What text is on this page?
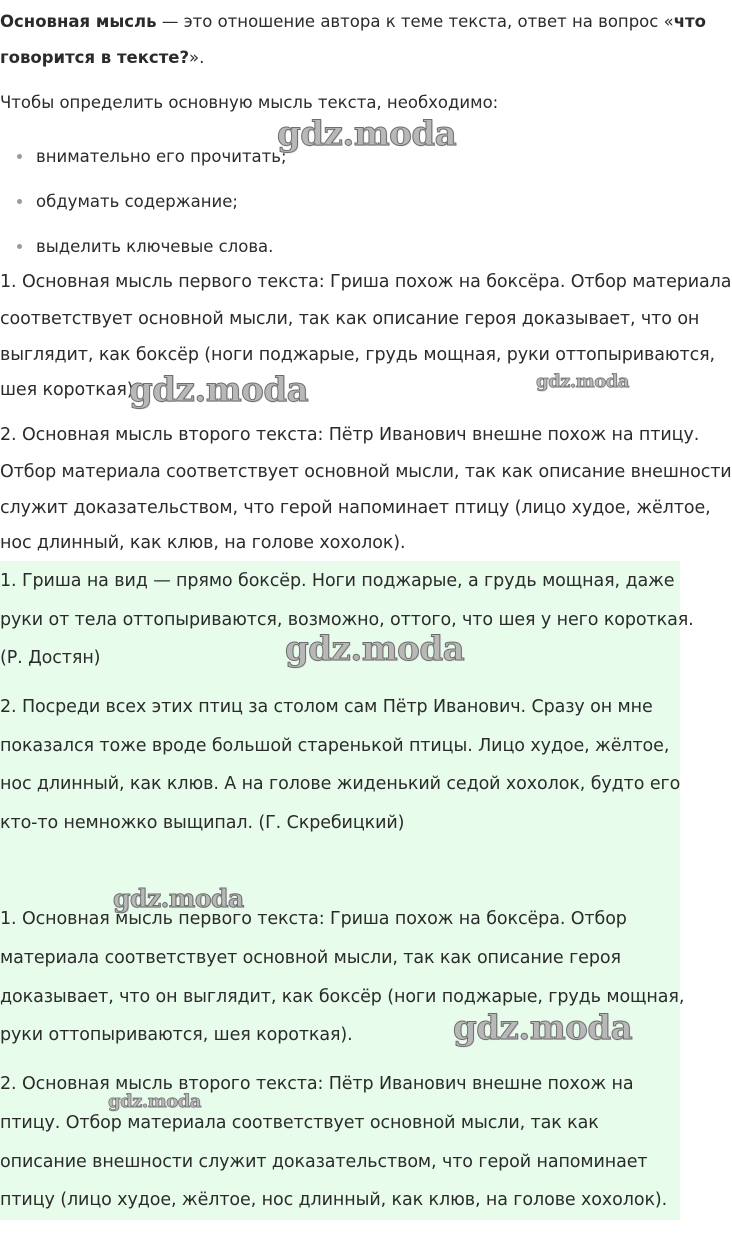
Основная мысль — это отношение автора к теме текста, ответ на вопрос «что

говорится в тексте?».

Чтобы определить основную мысль текста, необходимо:

внимательно его прочитать;
обдумать содержание;
выделить ключевые слова.

1. Основная мысль первого текста: Гриша похож на боксёра. Отбор материала

соответствует основной мысли, так как описание героя доказывает, что он

выглядит, как боксёр (ноги поджарые, грудь мощная, руки оттопыриваются,

шея короткая).

2. Основная мысль второго текста: Пётр Иванович внешне похож на птицу.

Отбор материала соответствует основной мысли, так как описание внешности

служит доказательством, что герой напоминает птицу (лицо худое, жёлтое,

нос длинный, как клюв, на голове хохолок).

1. Гриша на вид — прямо боксёр. Ноги поджарые, а грудь мощная, даже

руки от тела оттопыриваются, возможно, оттого, что шея у него короткая.

(Р. Достян)

2. Посреди всех этих птиц за столом сам Пётр Иванович. Сразу он мне

показался тоже вроде большой старенькой птицы. Лицо худое, жёлтое,

нос длинный, как клюв. А на голове жиденький седой хохолок, будто его

кто-то немножко выщипал. (Г. Скребицкий)

1. Основная мысль первого текста: Гриша похож на боксёра. Отбор

материала соответствует основной мысли, так как описание героя

доказывает, что он выглядит, как боксёр (ноги поджарые, грудь мощная,

руки оттопыриваются, шея короткая).

2. Основная мысль второго текста: Пётр Иванович внешне похож на

птицу. Отбор материала соответствует основной мысли, так как

описание внешности служит доказательством, что герой напоминает

птицу (лицо худое, жёлтое, нос длинный, как клюв, на голове хохолок).

gdz.moda
gdz.moda	gdz.moda
gdz.moda
gdz.moda
gdz.moda
gdz.moda
